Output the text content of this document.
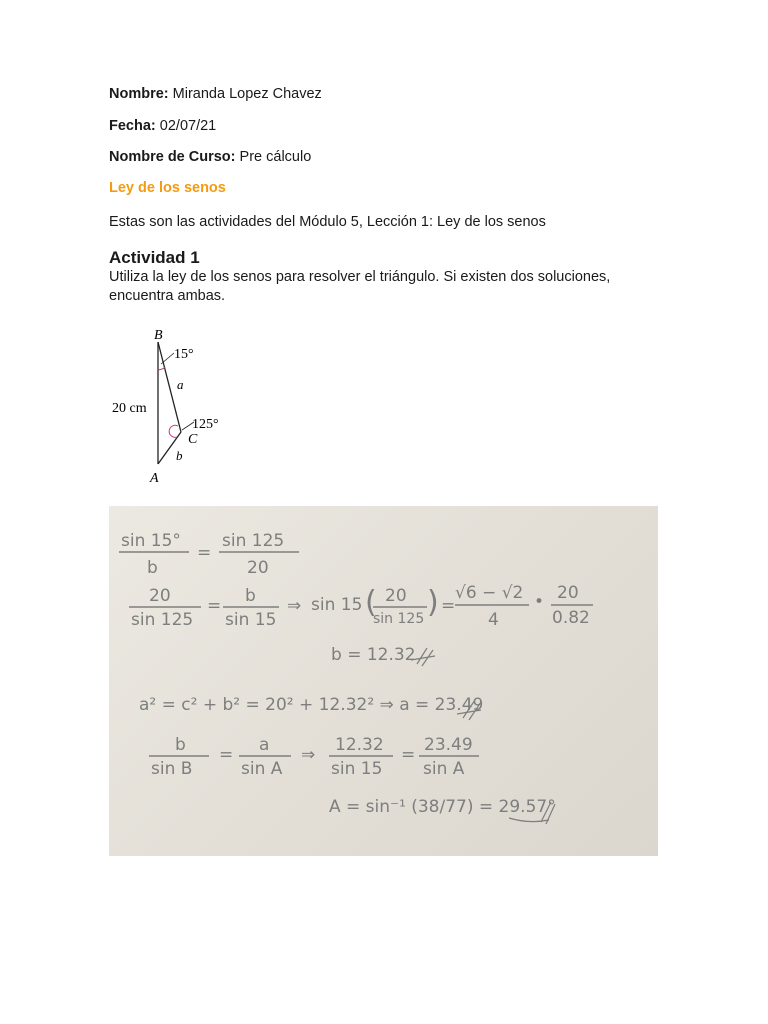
Nombre: Miranda Lopez Chavez

Fecha: 02/07/21

Nombre de Curso: Pre cálculo

Ley de los senos

Estas son las actividades del Módulo 5, Lección 1: Ley de los senos

Actividad 1

Utiliza la ley de los senos para resolver el triángulo. Si existen dos soluciones, encuentra ambas.

B
15°
a
20 cm
125°
C
b
A
sin 15°
b
=
sin 125
20
20
sin 125
= b
sin 15
⇒ sin 15 ( 20
sin 125 ) =
√6 − √2
4
• 20
0.82
b = 12.32
a² = c² + b² = 20² + 12.32² ⇒ a = 23.49
b
sin B
= a
sin A
⇒ 12.32
sin 15
= 23.49
sin A
A = sin⁻¹ (38/77) = 29.57°
